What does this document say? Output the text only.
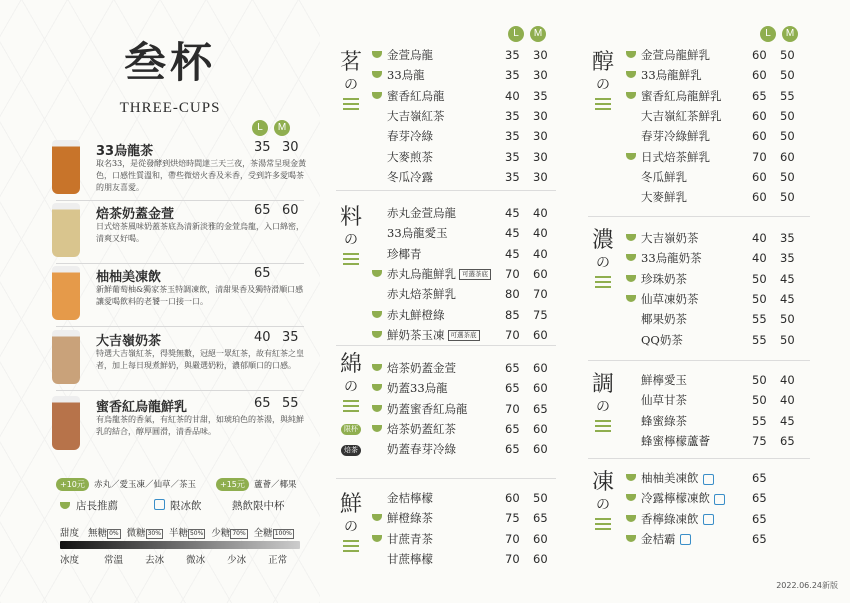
叁杯
THREE-CUPS
L	M
33烏龍茶	35 30
取名33，是從發酵到烘焙時間達三天三夜，茶湯常呈現金黃色，口感性質溫和，帶些微焙火香及米香，受到許多愛喝茶的朋友喜愛。
焙茶奶蓋金萱	65 60
日式焙茶風味奶蓋茶底為清新淡雅的金萱烏龍，入口綿密，清爽又好喝。
柚柚美凍飲	65
新鮮葡萄柚&獨家茶玉特調凍飲，清甜果香及獨特滑順口感讓愛喝飲料的老饕一口接一口。
大吉嶺奶茶	40 35
特選大吉嶺紅茶，得獎無數，冠絕一眾紅茶，故有紅茶之皇者，加上每日現煮鮮奶，與嚴選奶粉，濃郁順口的口感。
蜜香紅烏龍鮮乳	65 55
有烏龍茶的香氣，有紅茶的甘甜，如琥珀色的茶湯，與純鮮乳的結合，醇厚圓滑，清香品味。
+10元	赤丸／愛玉凍／仙草／茶玉	+15元	蘆薈／椰果
店長推薦	限冰飲	熱飲限中杯
甜度 無糖 0% 微糖 30% 半糖 50% 少糖 70% 全糖 100%
冰度	常溫 去冰 微冰 少冰 正常
L	M	L	M
茗
の
金萱烏龍	35 30
33烏龍	35 30
蜜香紅烏龍	40 35
大吉嶺紅茶	35 30
春芽冷綠	35 30
大麥煎茶	35 30
冬瓜冷露	35 30
料
の
赤丸金萱烏龍	45 40
33烏龍愛玉	45 40
珍椰青	45 40
赤丸烏龍鮮乳 可選茶底 70 60
赤丸焙茶鮮乳	80 70
赤丸鮮橙綠	85 75
鮮奶茶玉凍 可選茶底 70 60
綿
の
限杯
焙茶
焙茶奶蓋金萱	65 60
奶蓋33烏龍	65 60
奶蓋蜜香紅烏龍	70 65
焙茶奶蓋紅茶	65 60
奶蓋春芽冷綠	65 60
鮮
の
金桔檸檬	60 50
鮮橙綠茶	75 65
甘蔗青茶	70 60
甘蔗檸檬	70 60
醇
の
金萱烏龍鮮乳	60 50
33烏龍鮮乳	60 50
蜜香紅烏龍鮮乳	65 55
大吉嶺紅茶鮮乳	60 50
春芽冷綠鮮乳	60 50
日式焙茶鮮乳	70 60
冬瓜鮮乳	60 50
大麥鮮乳	60 50
濃
の
大吉嶺奶茶	40 35
33烏龍奶茶	40 35
珍珠奶茶	50 45
仙草凍奶茶	50 45
椰果奶茶	55 50
QQ奶茶	55 50
調
の
鮮檸愛玉	50 40
仙草甘茶	50 40
蜂蜜綠茶	55 45
蜂蜜檸檬蘆薈	75 65
凍
の
柚柚美凍飲	65
冷露檸檬凍飲	65
香檸綠凍飲	65
金桔霸	65
2022.06.24新版
